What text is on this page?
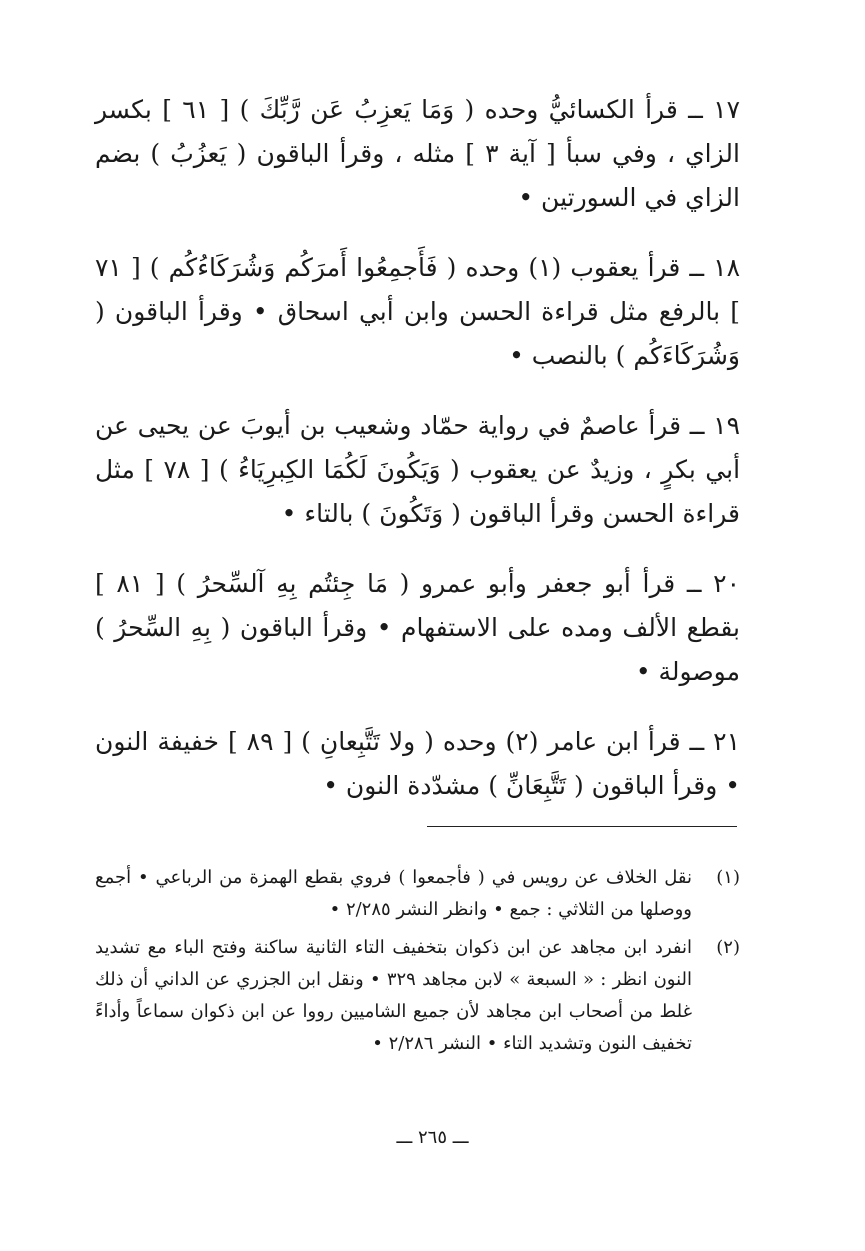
١٧ ــ قرأ الكسائيُّ وحده ( وَمَا يَعزِبُ عَن رَّبِّكَ ) [ ٦١ ] بكسر الزاي ، وفي سبأ [ آية ٣ ] مثله ، وقرأ الباقون ( يَعزُبُ ) بضم الزاي في السورتين •

١٨ ــ قرأ يعقوب (١) وحده ( فَأَجمِعُوا أَمرَكُم وَشُرَكَاءُكُم ) [ ٧١ ] بالرفع مثل قراءة الحسن وابن أبي اسحاق • وقرأ الباقون ( وَشُرَكَاءَكُم ) بالنصب •

١٩ ــ قرأ عاصمٌ في رواية حمّاد وشعيب بن أيوبَ عن يحيى عن أبي بكرٍ ، وزيدٌ عن يعقوب ( وَيَكُونَ لَكُمَا الكِبرِيَاءُ ) [ ٧٨ ] مثل قراءة الحسن وقرأ الباقون ( وَتَكُونَ ) بالتاء •

٢٠ ــ قرأ أبو جعفر وأبو عمرو ( مَا جِئتُم بِهِ آلسِّحرُ ) [ ٨١ ] بقطع الألف ومده على الاستفهام • وقرأ الباقون ( بِهِ السِّحرُ ) موصولة •

٢١ ــ قرأ ابن عامر (٢) وحده ( ولا تَتَّبِعانِ ) [ ٨٩ ] خفيفة النون • وقرأ الباقون ( تَتَّبِعَانِّ ) مشدّدة النون •

(١)
نقل الخلاف عن رويس في ( فأجمعوا ) فروي بقطع الهمزة من الرباعي • أجمع ووصلها من الثلاثي : جمع • وانظر النشر ٢/٢٨٥ •
(٢)
انفرد ابن مجاهد عن ابن ذكوان بتخفيف التاء الثانية ساكنة وفتح الباء مع تشديد النون انظر : « السبعة » لابن مجاهد ٣٢٩ • ونقل ابن الجزري عن الداني أن ذلك غلط من أصحاب ابن مجاهد لأن جميع الشاميين رووا عن ابن ذكوان سماعاً وأداءً تخفيف النون وتشديد التاء • النشر ٢/٢٨٦ •
ـــ ٢٦٥ ـــ
